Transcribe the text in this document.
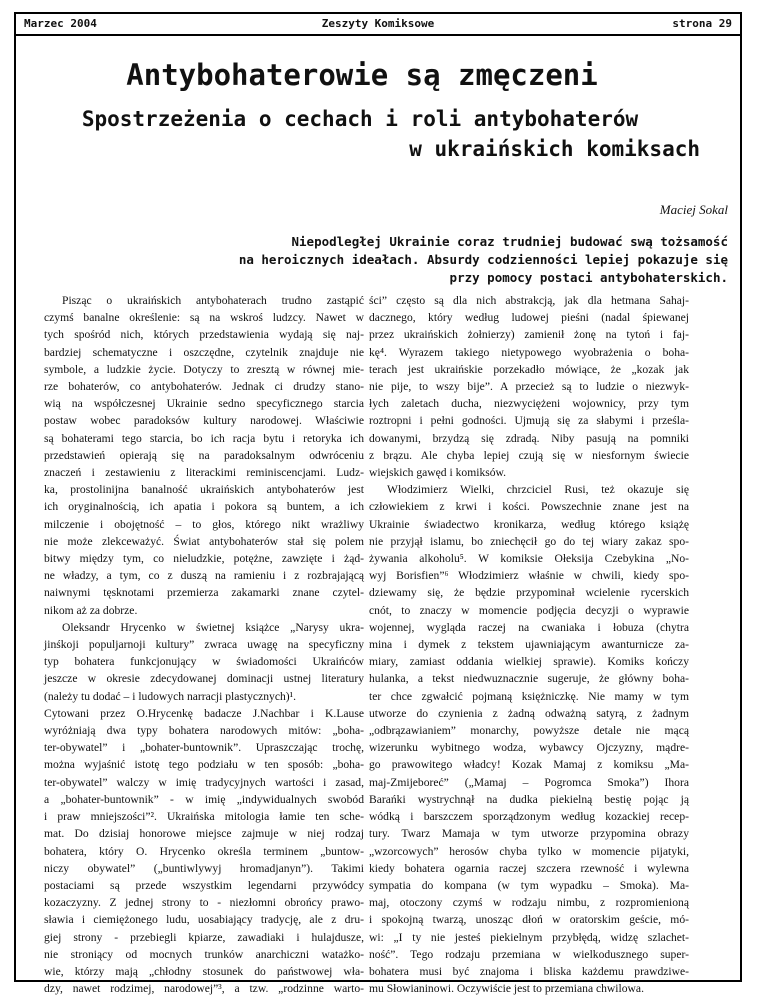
Marzec 2004	Zeszyty Komiksowe	strona 29
Antybohaterowie są zmęczeni
Spostrzeżenia o cechach i roli antybohaterów
w ukraińskich komiksach
Maciej Sokal
Niepodległej Ukrainie coraz trudniej budować swą tożsamość
na heroicznych ideałach. Absurdy codzienności lepiej pokazuje się
przy pomocy postaci antybohaterskich.
Pisząc o ukraińskich antybohaterach trudno zastąpić
czymś banalne określenie: są na wskroś ludzcy. Nawet w
tych spośród nich, których przedstawienia wydają się naj-
bardziej schematyczne i oszczędne, czytelnik znajduje nie
symbole, a ludzkie życie. Dotyczy to zresztą w równej mie-
rze bohaterów, co antybohaterów. Jednak ci drudzy stano-
wią na współczesnej Ukrainie sedno specyficznego starcia
postaw wobec paradoksów kultury narodowej. Właściwie
są bohaterami tego starcia, bo ich racja bytu i retoryka ich
przedstawień opierają się na paradoksalnym odwróceniu
znaczeń i zestawieniu z literackimi reminiscencjami. Ludz-
ka, prostolinijna banalność ukraińskich antybohaterów jest
ich oryginalnością, ich apatia i pokora są buntem, a ich
milczenie i obojętność – to głos, którego nikt wrażliwy
nie może zlekceważyć. Świat antybohaterów stał się polem
bitwy między tym, co nieludzkie, potężne, zawzięte i żąd-
ne władzy, a tym, co z duszą na ramieniu i z rozbrajającą
naiwnymi tęsknotami przemierza zakamarki znane czytel-
nikom aż za dobrze.
Oleksandr Hrycenko w świetnej książce „Narysy ukra-
jinśkoji populjarnoji kultury” zwraca uwagę na specyficzny
typ bohatera funkcjonujący w świadomości Ukraińców
jeszcze w okresie zdecydowanej dominacji ustnej literatury
(należy tu dodać – i ludowych narracji plastycznych)¹.
Cytowani przez O.Hrycenkę badacze J.Nachbar i K.Lause
wyróżniają dwa typy bohatera narodowych mitów: „boha-
ter-obywatel” i „bohater-buntownik”. Upraszczając trochę,
można wyjaśnić istotę tego podziału w ten sposób: „boha-
ter-obywatel” walczy w imię tradycyjnych wartości i zasad,
a „bohater-buntownik” - w imię „indywidualnych swobód
i praw mniejszości”². Ukraińska mitologia łamie ten sche-
mat. Do dzisiaj honorowe miejsce zajmuje w niej rodzaj
bohatera, który O. Hrycenko określa terminem „buntow-
niczy obywatel” („buntiwlywyj hromadjanyn”). Takimi
postaciami są przede wszystkim legendarni przywódcy
kozaczyzny. Z jednej strony to - niezłomni obrońcy prawo-
sławia i ciemiężonego ludu, uosabiający tradycję, ale z dru-
giej strony - przebiegli kpiarze, zawadiaki i hulajdusze,
nie stroniący od mocnych trunków anarchiczni watażko-
wie, którzy mają „chłodny stosunek do państwowej wła-
dzy, nawet rodzimej, narodowej”³, a tzw. „rodzinne warto-
ści” często są dla nich abstrakcją, jak dla hetmana Sahaj-
dacznego, który według ludowej pieśni (nadal śpiewanej
przez ukraińskich żołnierzy) zamienił żonę na tytoń i faj-
kę⁴. Wyrazem takiego nietypowego wyobrażenia o boha-
terach jest ukraińskie porzekadło mówiące, że „kozak jak
nie pije, to wszy bije”. A przecież są to ludzie o niezwyk-
łych zaletach ducha, niezwyciężeni wojownicy, przy tym
roztropni i pełni godności. Ujmują się za słabymi i prześla-
dowanymi, brzydzą się zdradą. Niby pasują na pomniki
z brązu. Ale chyba lepiej czują się w niesfornym świecie
wiejskich gawęd i komiksów.
Włodzimierz Wielki, chrzciciel Rusi, też okazuje się
człowiekiem z krwi i kości. Powszechnie znane jest na
Ukrainie świadectwo kronikarza, według którego książę
nie przyjął islamu, bo zniechęcił go do tej wiary zakaz spo-
żywania alkoholu⁵. W komiksie Ołeksija Czebykina „No-
wyj Borisfien”⁶ Włodzimierz właśnie w chwili, kiedy spo-
dziewamy się, że będzie przypominał wcielenie rycerskich
cnót, to znaczy w momencie podjęcia decyzji o wyprawie
wojennej, wygląda raczej na cwaniaka i łobuza (chytra
mina i dymek z tekstem ujawniającym awanturnicze za-
miary, zamiast oddania wielkiej sprawie). Komiks kończy
hulanka, a tekst niedwuznacznie sugeruje, że główny boha-
ter chce zgwałcić pojmaną księżniczkę. Nie mamy w tym
utworze do czynienia z żadną odważną satyrą, z żadnym
„odbrązawianiem” monarchy, powyższe detale nie mącą
wizerunku wybitnego wodza, wybawcy Ojczyzny, mądre-
go prawowitego władcy! Kozak Mamaj z komiksu „Ma-
maj-Zmijeboreć” („Mamaj – Pogromca Smoka”) Ihora
Barańki wystrychnął na dudka piekielną bestię pojąc ją
wódką i barszczem sporządzonym według kozackiej recep-
tury. Twarz Mamaja w tym utworze przypomina obrazy
„wzorcowych” herosów chyba tylko w momencie pijatyki,
kiedy bohatera ogarnia raczej szczera rzewność i wylewna
sympatia do kompana (w tym wypadku – Smoka). Ma-
maj, otoczony czymś w rodzaju nimbu, z rozpromienioną
i spokojną twarzą, unosząc dłoń w oratorskim geście, mó-
wi: „I ty nie jesteś piekielnym przybłędą, widzę szlachet-
ność”. Tego rodzaju przemiana w wielkodusznego super-
bohatera musi być znajoma i bliska każdemu prawdziwe-
mu Słowianinowi. Oczywiście jest to przemiana chwilowa.
